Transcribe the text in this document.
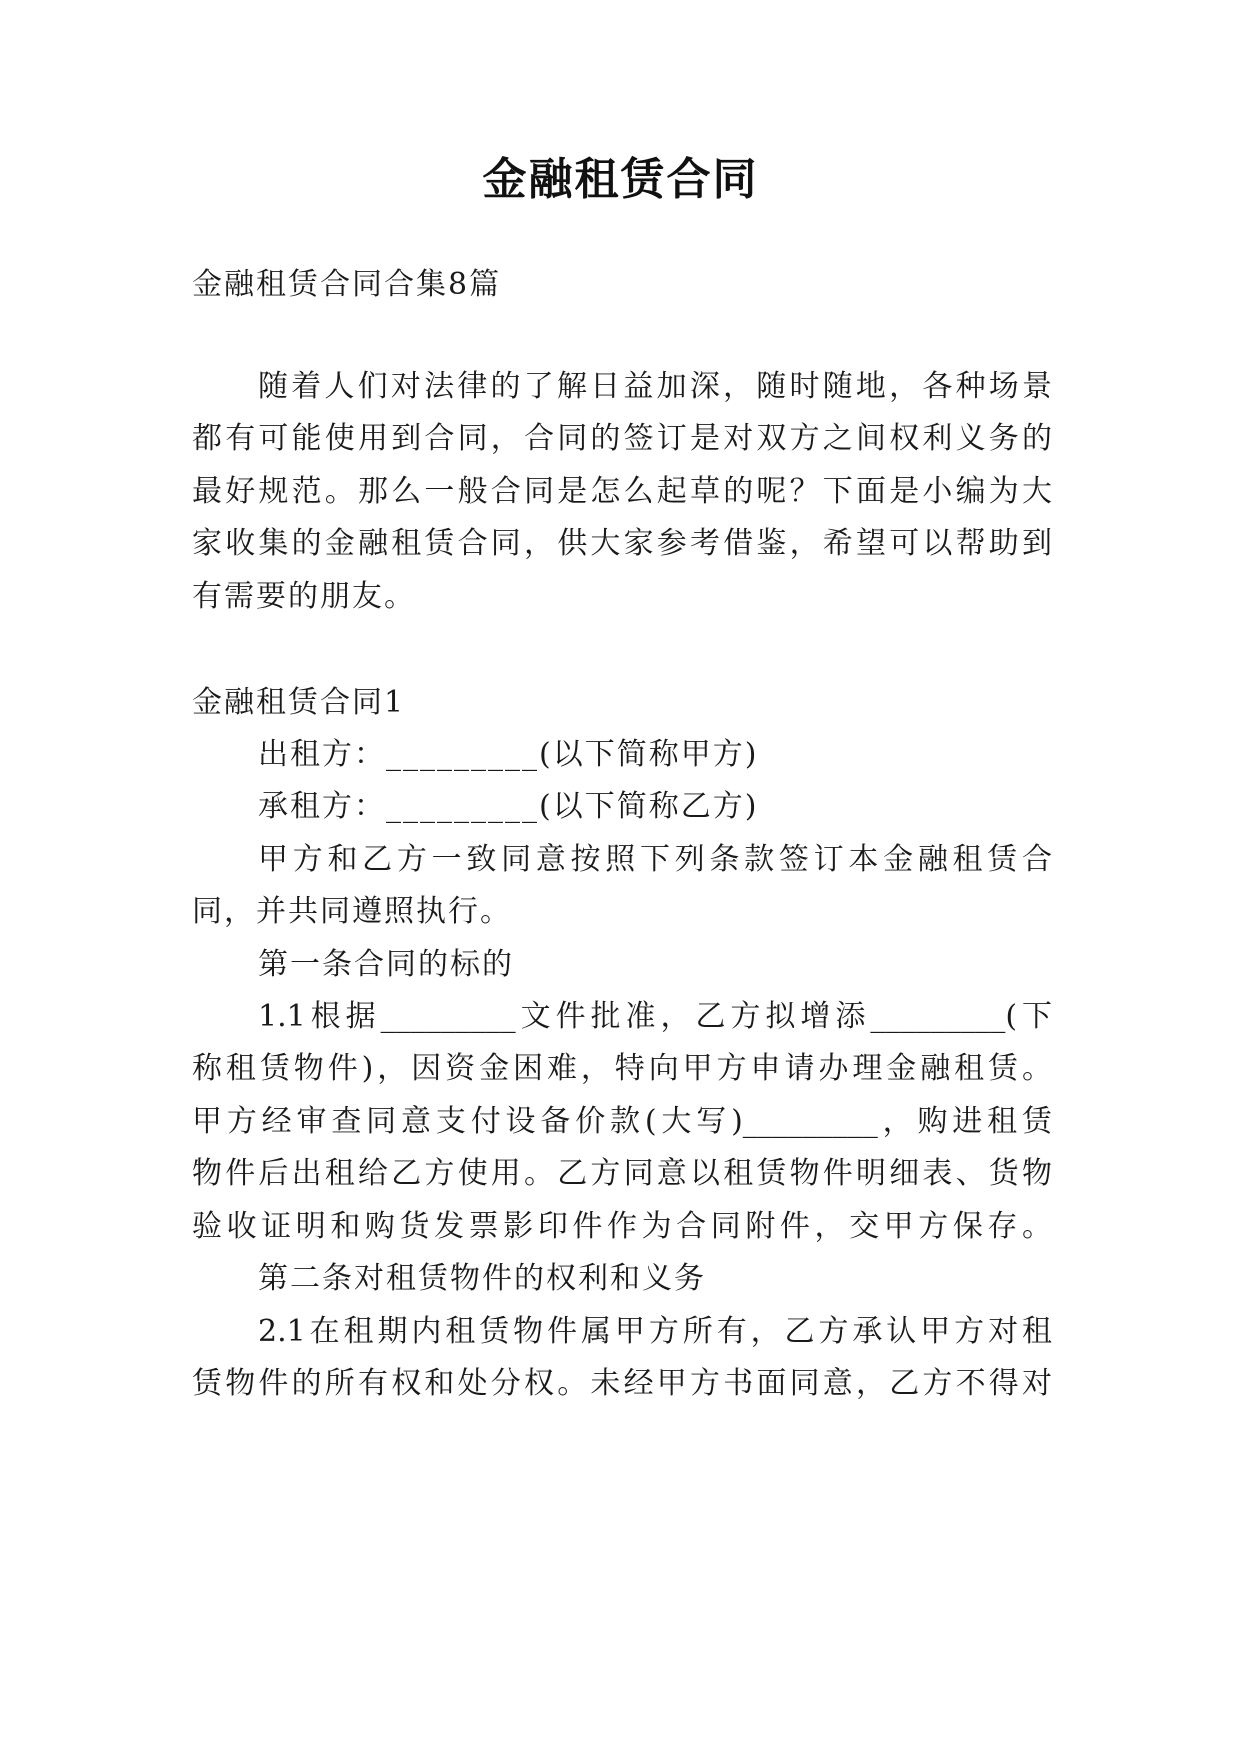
金融租赁合同
金融租赁合同合集8篇
随着人们对法律的了解日益加深，随时随地，各种场景
都有可能使用到合同，合同的签订是对双方之间权利义务的
最好规范。那么一般合同是怎么起草的呢？下面是小编为大
家收集的金融租赁合同，供大家参考借鉴，希望可以帮助到
有需要的朋友。
金融租赁合同1
出租方：_________(以下简称甲方)
承租方：_________(以下简称乙方)
甲方和乙方一致同意按照下列条款签订本金融租赁合
同，并共同遵照执行。
第一条合同的标的
1.1根据_________文件批准，乙方拟增添_________(下
称租赁物件)，因资金困难，特向甲方申请办理金融租赁。
甲方经审查同意支付设备价款(大写)_________，购进租赁
物件后出租给乙方使用。乙方同意以租赁物件明细表、货物
验收证明和购货发票影印件作为合同附件，交甲方保存。
第二条对租赁物件的权利和义务
2.1在租期内租赁物件属甲方所有，乙方承认甲方对租
赁物件的所有权和处分权。未经甲方书面同意，乙方不得对
